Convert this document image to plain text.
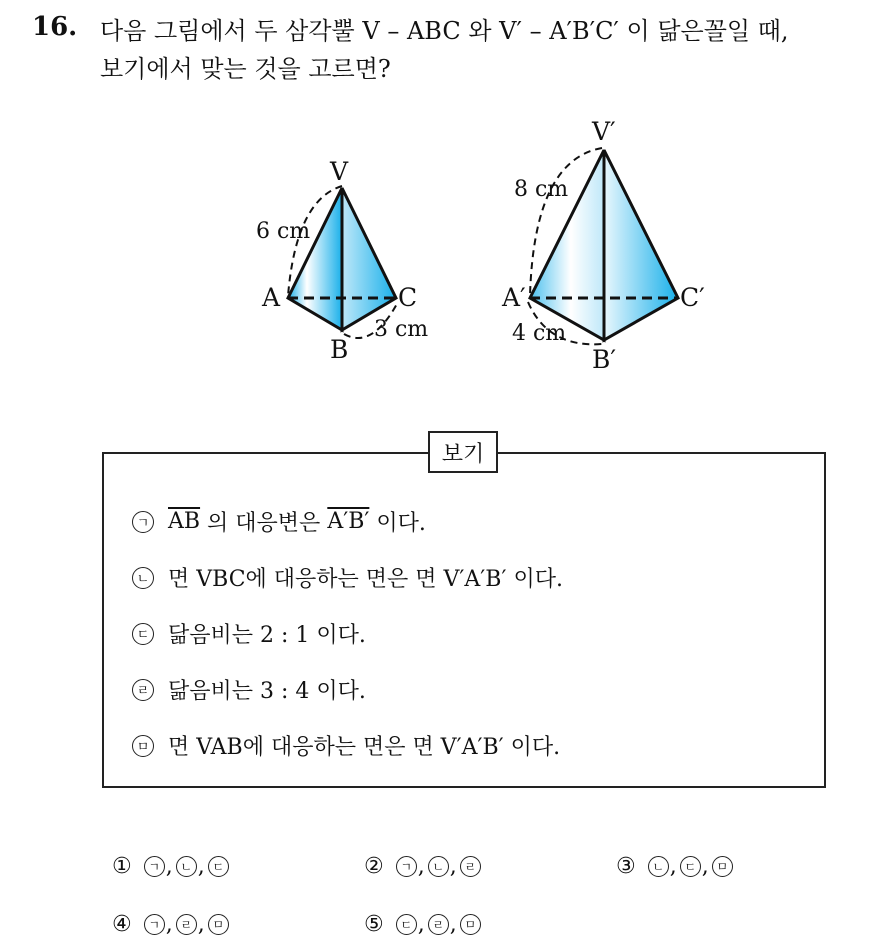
16. 다음 그림에서 두 삼각뿔 V – ABC 와 V′ – A′B′C′ 이 닮은꼴일 때,
보기에서 맞는 것을 고르면?
V
A
B
C
6 cm
3 cm
V′
A′
B′
C′
8 cm
4 cm
보기
ㄱ $\overline{AB}$ 의 대응변은 A′B′ 이다.
ㄴ 면 VBC에 대응하는 면은 면 V′A′B′ 이다.
ㄷ 닮음비는 2 : 1 이다.
ㄹ 닮음비는 3 : 4 이다.
ㅁ 면 VAB에 대응하는 면은 면 V′A′B′ 이다.
①	ㄱ , ㄴ , ㄷ	②	ㄱ , ㄴ , ㄹ	③	ㄴ , ㄷ , ㅁ
④	ㄱ , ㄹ , ㅁ	⑤	ㄷ , ㄹ , ㅁ
